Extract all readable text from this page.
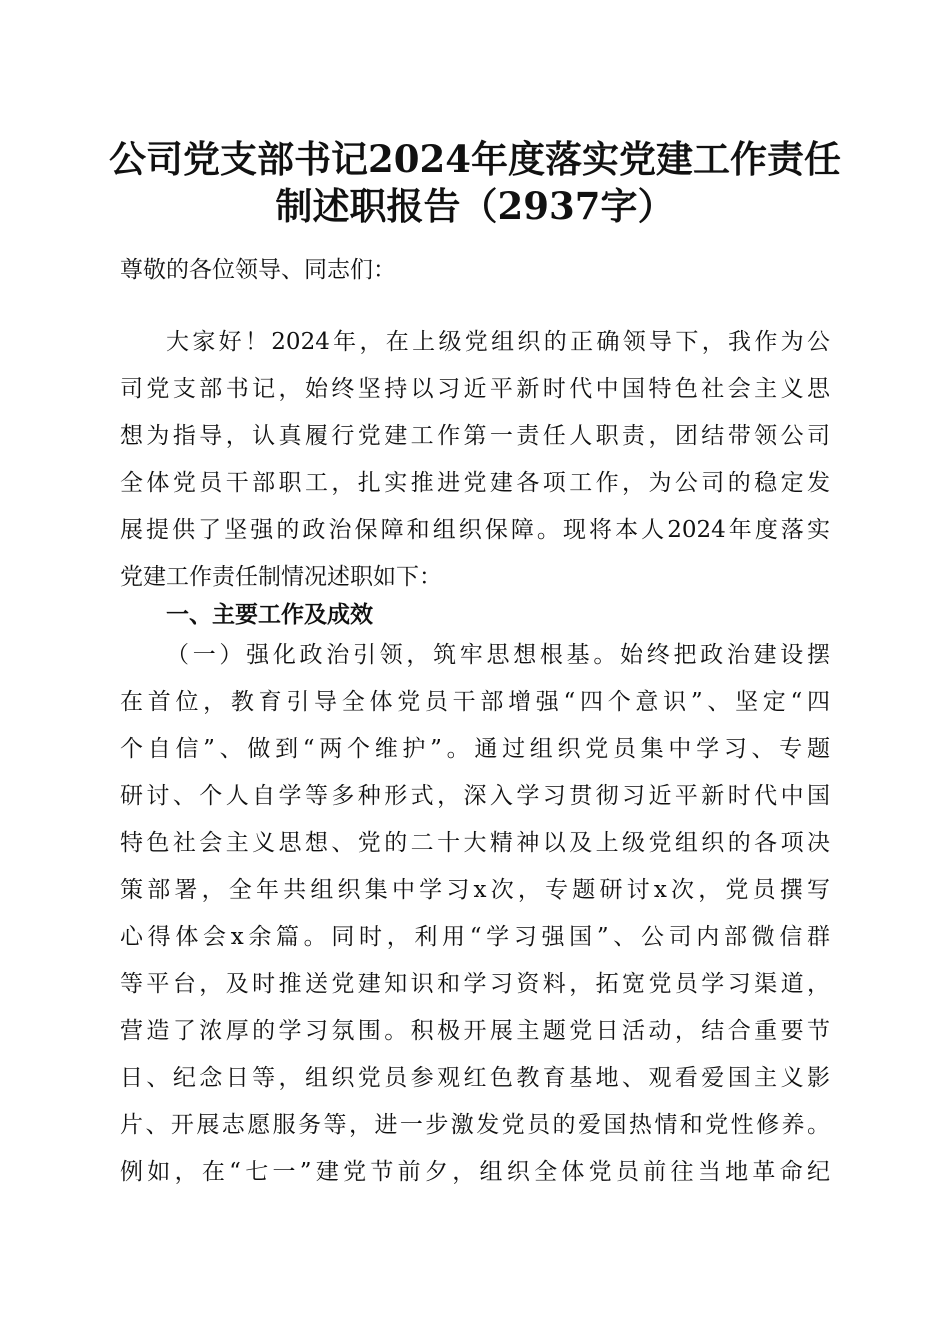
公司党支部书记2024年度落实党建工作责任
制述职报告（2937字）

尊敬的各位领导、同志们：

大家好！2024年，在上级党组织的正确领导下，我作为公

司党支部书记，始终坚持以习近平新时代中国特色社会主义思

想为指导，认真履行党建工作第一责任人职责，团结带领公司

全体党员干部职工，扎实推进党建各项工作，为公司的稳定发

展提供了坚强的政治保障和组织保障。现将本人2024年度落实

党建工作责任制情况述职如下：

一、主要工作及成效

（一）强化政治引领，筑牢思想根基。始终把政治建设摆

在首位，教育引导全体党员干部增强“四个意识”、坚定“四

个自信”、做到“两个维护”。通过组织党员集中学习、专题

研讨、个人自学等多种形式，深入学习贯彻习近平新时代中国

特色社会主义思想、党的二十大精神以及上级党组织的各项决

策部署，全年共组织集中学习x次，专题研讨x次，党员撰写

心得体会x余篇。同时，利用“学习强国”、公司内部微信群

等平台，及时推送党建知识和学习资料，拓宽党员学习渠道，

营造了浓厚的学习氛围。积极开展主题党日活动，结合重要节

日、纪念日等，组织党员参观红色教育基地、观看爱国主义影

片、开展志愿服务等，进一步激发党员的爱国热情和党性修养。

例如，在“七一”建党节前夕，组织全体党员前往当地革命纪
